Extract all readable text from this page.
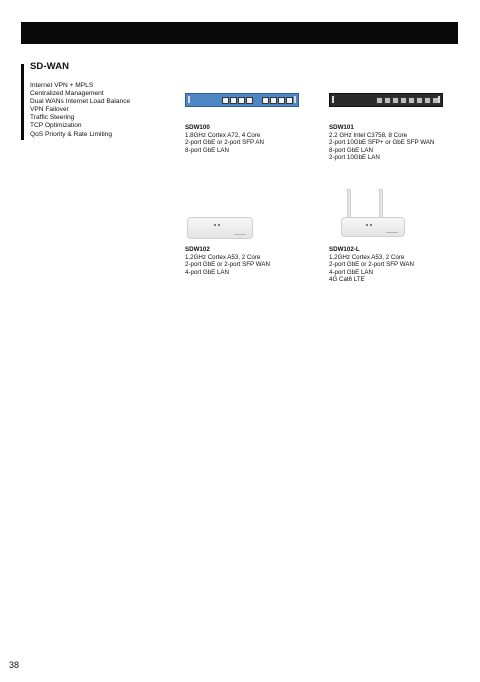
SD-WAN
Internet VPN + MPLS
Centralized Management
Dual WANs Internet Load Balance
VPN Failover
Traffic Steering
TCP Optimization
QoS Priority & Rate Limiting
SDW100
1.8GHz Cortex A72, 4 Core
2-port GbE or 2-port SFP AN
8-port GbE LAN
SDW101
2.2 GHz Intel C3758, 8 Core
2-port 10GbE SFP+ or GbE SFP WAN
8-port GbE LAN
2-port 10GbE LAN
SDW102
1.2GHz Cortex A53, 2 Core
2-port GbE or 2-port SFP WAN
4-port GbE LAN
SDW102-L
1.2GHz Cortex A53, 2 Core
2-port GbE or 2-port SFP WAN
4-port GbE LAN
4G Cat6 LTE
38
